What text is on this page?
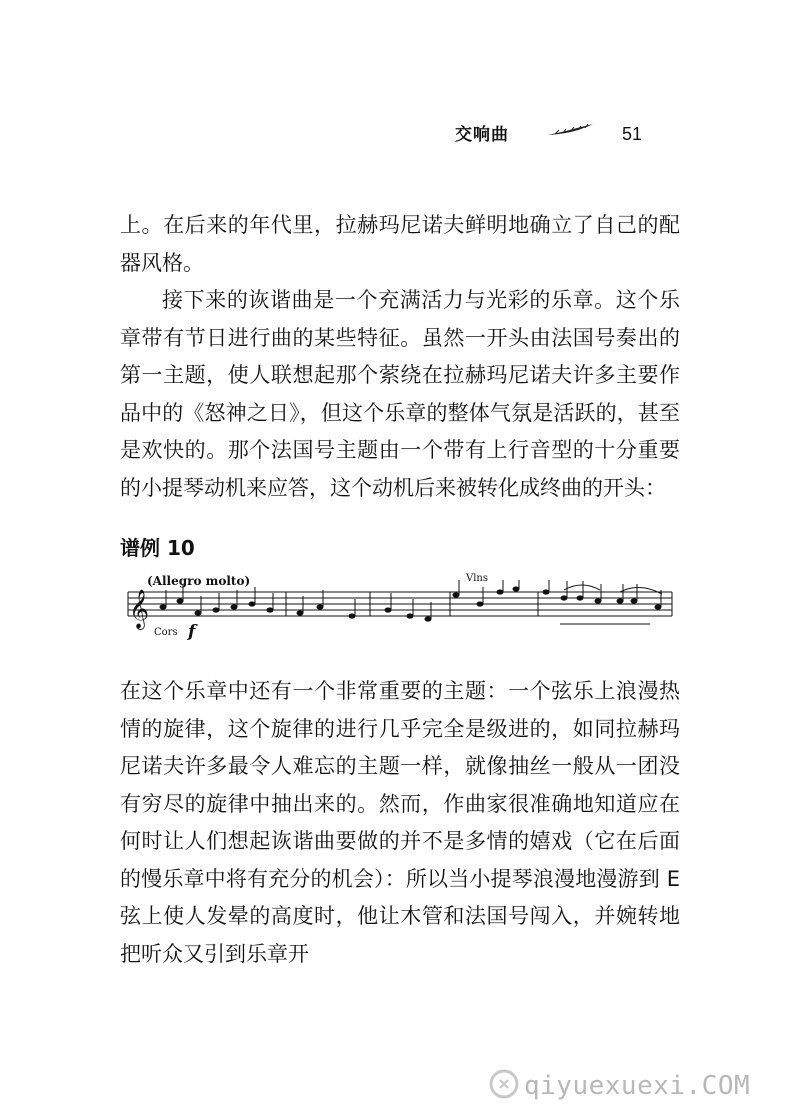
交响曲	51

上。在后来的年代里，拉赫玛尼诺夫鲜明地确立了自己的配器风格。

接下来的诙谐曲是一个充满活力与光彩的乐章。这个乐章带有节日进行曲的某些特征。虽然一开头由法国号奏出的第一主题，使人联想起那个萦绕在拉赫玛尼诺夫许多主要作品中的《怒神之日》，但这个乐章的整体气氛是活跃的，甚至是欢快的。那个法国号主题由一个带有上行音型的十分重要的小提琴动机来应答，这个动机后来被转化成终曲的开头：

谱例 10
(Allegro molto)	Vlns
𝄞
Cors f

在这个乐章中还有一个非常重要的主题：一个弦乐上浪漫热情的旋律，这个旋律的进行几乎完全是级进的，如同拉赫玛尼诺夫许多最令人难忘的主题一样，就像抽丝一般从一团没有穷尽的旋律中抽出来的。然而，作曲家很准确地知道应在何时让人们想起诙谐曲要做的并不是多情的嬉戏（它在后面的慢乐章中将有充分的机会）：所以当小提琴浪漫地漫游到 E 弦上使人发晕的高度时，他让木管和法国号闯入，并婉转地把听众又引到乐章开

qiyuexuexi.COM
